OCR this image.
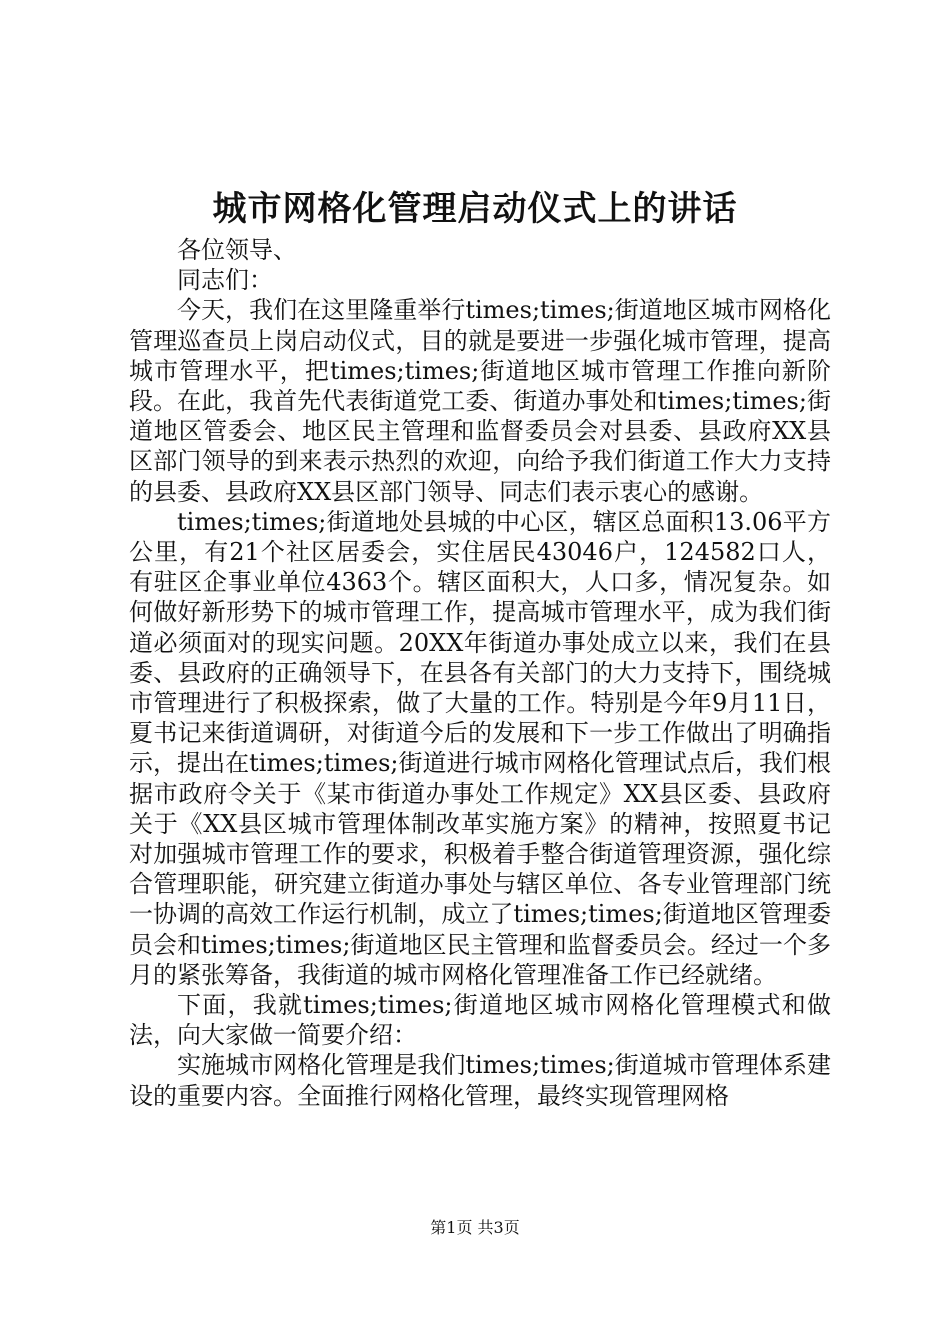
城市网格化管理启动仪式上的讲话

各位领导、

同志们：

今天，我们在这里隆重举行times;times;街道地区城市网格化管理巡查员上岗启动仪式，目的就是要进一步强化城市管理，提高城市管理水平，把times;times;街道地区城市管理工作推向新阶段。在此，我首先代表街道党工委、街道办事处和times;times;街道地区管委会、地区民主管理和监督委员会对县委、县政府XX县区部门领导的到来表示热烈的欢迎，向给予我们街道工作大力支持的县委、县政府XX县区部门领导、同志们表示衷心的感谢。

times;times;街道地处县城的中心区，辖区总面积13.06平方公里，有21个社区居委会，实住居民43046户，124582口人，有驻区企事业单位4363个。辖区面积大，人口多，情况复杂。如何做好新形势下的城市管理工作，提高城市管理水平，成为我们街道必须面对的现实问题。20XX年街道办事处成立以来，我们在县委、县政府的正确领导下，在县各有关部门的大力支持下，围绕城市管理进行了积极探索，做了大量的工作。特别是今年9月11日，夏书记来街道调研，对街道今后的发展和下一步工作做出了明确指示，提出在times;times;街道进行城市网格化管理试点后，我们根据市政府令关于《某市街道办事处工作规定》XX县区委、县政府关于《XX县区城市管理体制改革实施方案》的精神，按照夏书记对加强城市管理工作的要求，积极着手整合街道管理资源，强化综合管理职能，研究建立街道办事处与辖区单位、各专业管理部门统一协调的高效工作运行机制，成立了times;times;街道地区管理委员会和times;times;街道地区民主管理和监督委员会。经过一个多月的紧张筹备，我街道的城市网格化管理准备工作已经就绪。

下面，我就times;times;街道地区城市网格化管理模式和做法，向大家做一简要介绍：

实施城市网格化管理是我们times;times;街道城市管理体系建设的重要内容。全面推行网格化管理，最终实现管理网格

第1页 共3页
